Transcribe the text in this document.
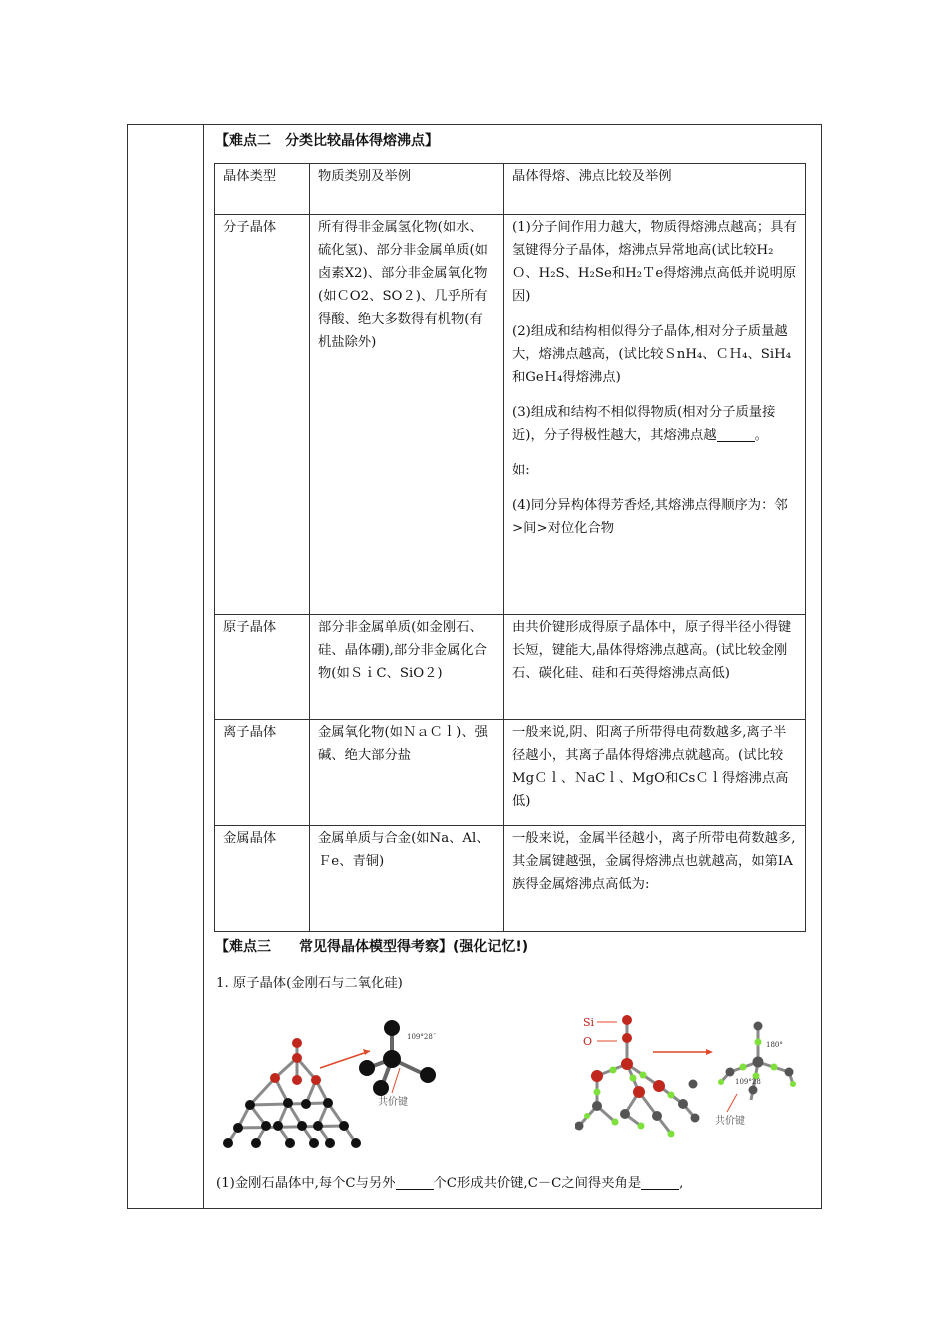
【难点二　分类比较晶体得熔沸点】
晶体类型	物质类别及举例	晶体得熔、沸点比较及举例
分子晶体	所有得非金属氢化物(如水、硫化氢)、部分非金属单质(如卤素X2)、部分非金属氧化物(如ＣO2、SO２)、几乎所有得酸、绝大多数得有机物(有机盐除外)	(1)分子间作用力越大，物质得熔沸点越高；具有氢键得分子晶体，熔沸点异常地高(试比较H₂Ｏ、H₂S、H₂Se和H₂Ｔe得熔沸点高低并说明原因)

(2)组成和结构相似得分子晶体,相对分子质量越大，熔沸点越高，(试比较ＳnH₄、ＣＨ₄、SiH₄和GeＨ₄得熔沸点)

(3)组成和结构不相似得物质(相对分子质量接近)，分子得极性越大，其熔沸点越 。

如:

(4)同分异构体得芳香烃,其熔沸点得顺序为：邻>间>对位化合物

原子晶体	部分非金属单质(如金刚石、硅、晶体硼),部分非金属化合物(如ＳｉC、SiO２)	由共价键形成得原子晶体中，原子得半径小得键长短，键能大,晶体得熔沸点越高。(试比较金刚石、碳化硅、硅和石英得熔沸点高低)
离子晶体	金属氧化物(如ＮａＣｌ)、强碱、绝大部分盐	一般来说,阴、阳离子所带得电荷数越多,离子半径越小，其离子晶体得熔沸点就越高。(试比较MgＣｌ、ＮaCｌ、MgO和CsＣｌ得熔沸点高低)
金属晶体	金属单质与合金(如Na、Al、Ｆe、青铜)	一般来说，金属半径越小，离子所带电荷数越多,其金属键越强，金属得熔沸点也就越高，如第ⅠA族得金属熔沸点高低为:
【难点三　　常见得晶体模型得考察】(强化记忆!)
1. 原子晶体(金刚石与二氧化硅)
109°28´
共价键
Si
O	180°
109°28
共价键
(1)金刚石晶体中,每个C与另外	个C形成共价键,C－C之间得夹角是	,
